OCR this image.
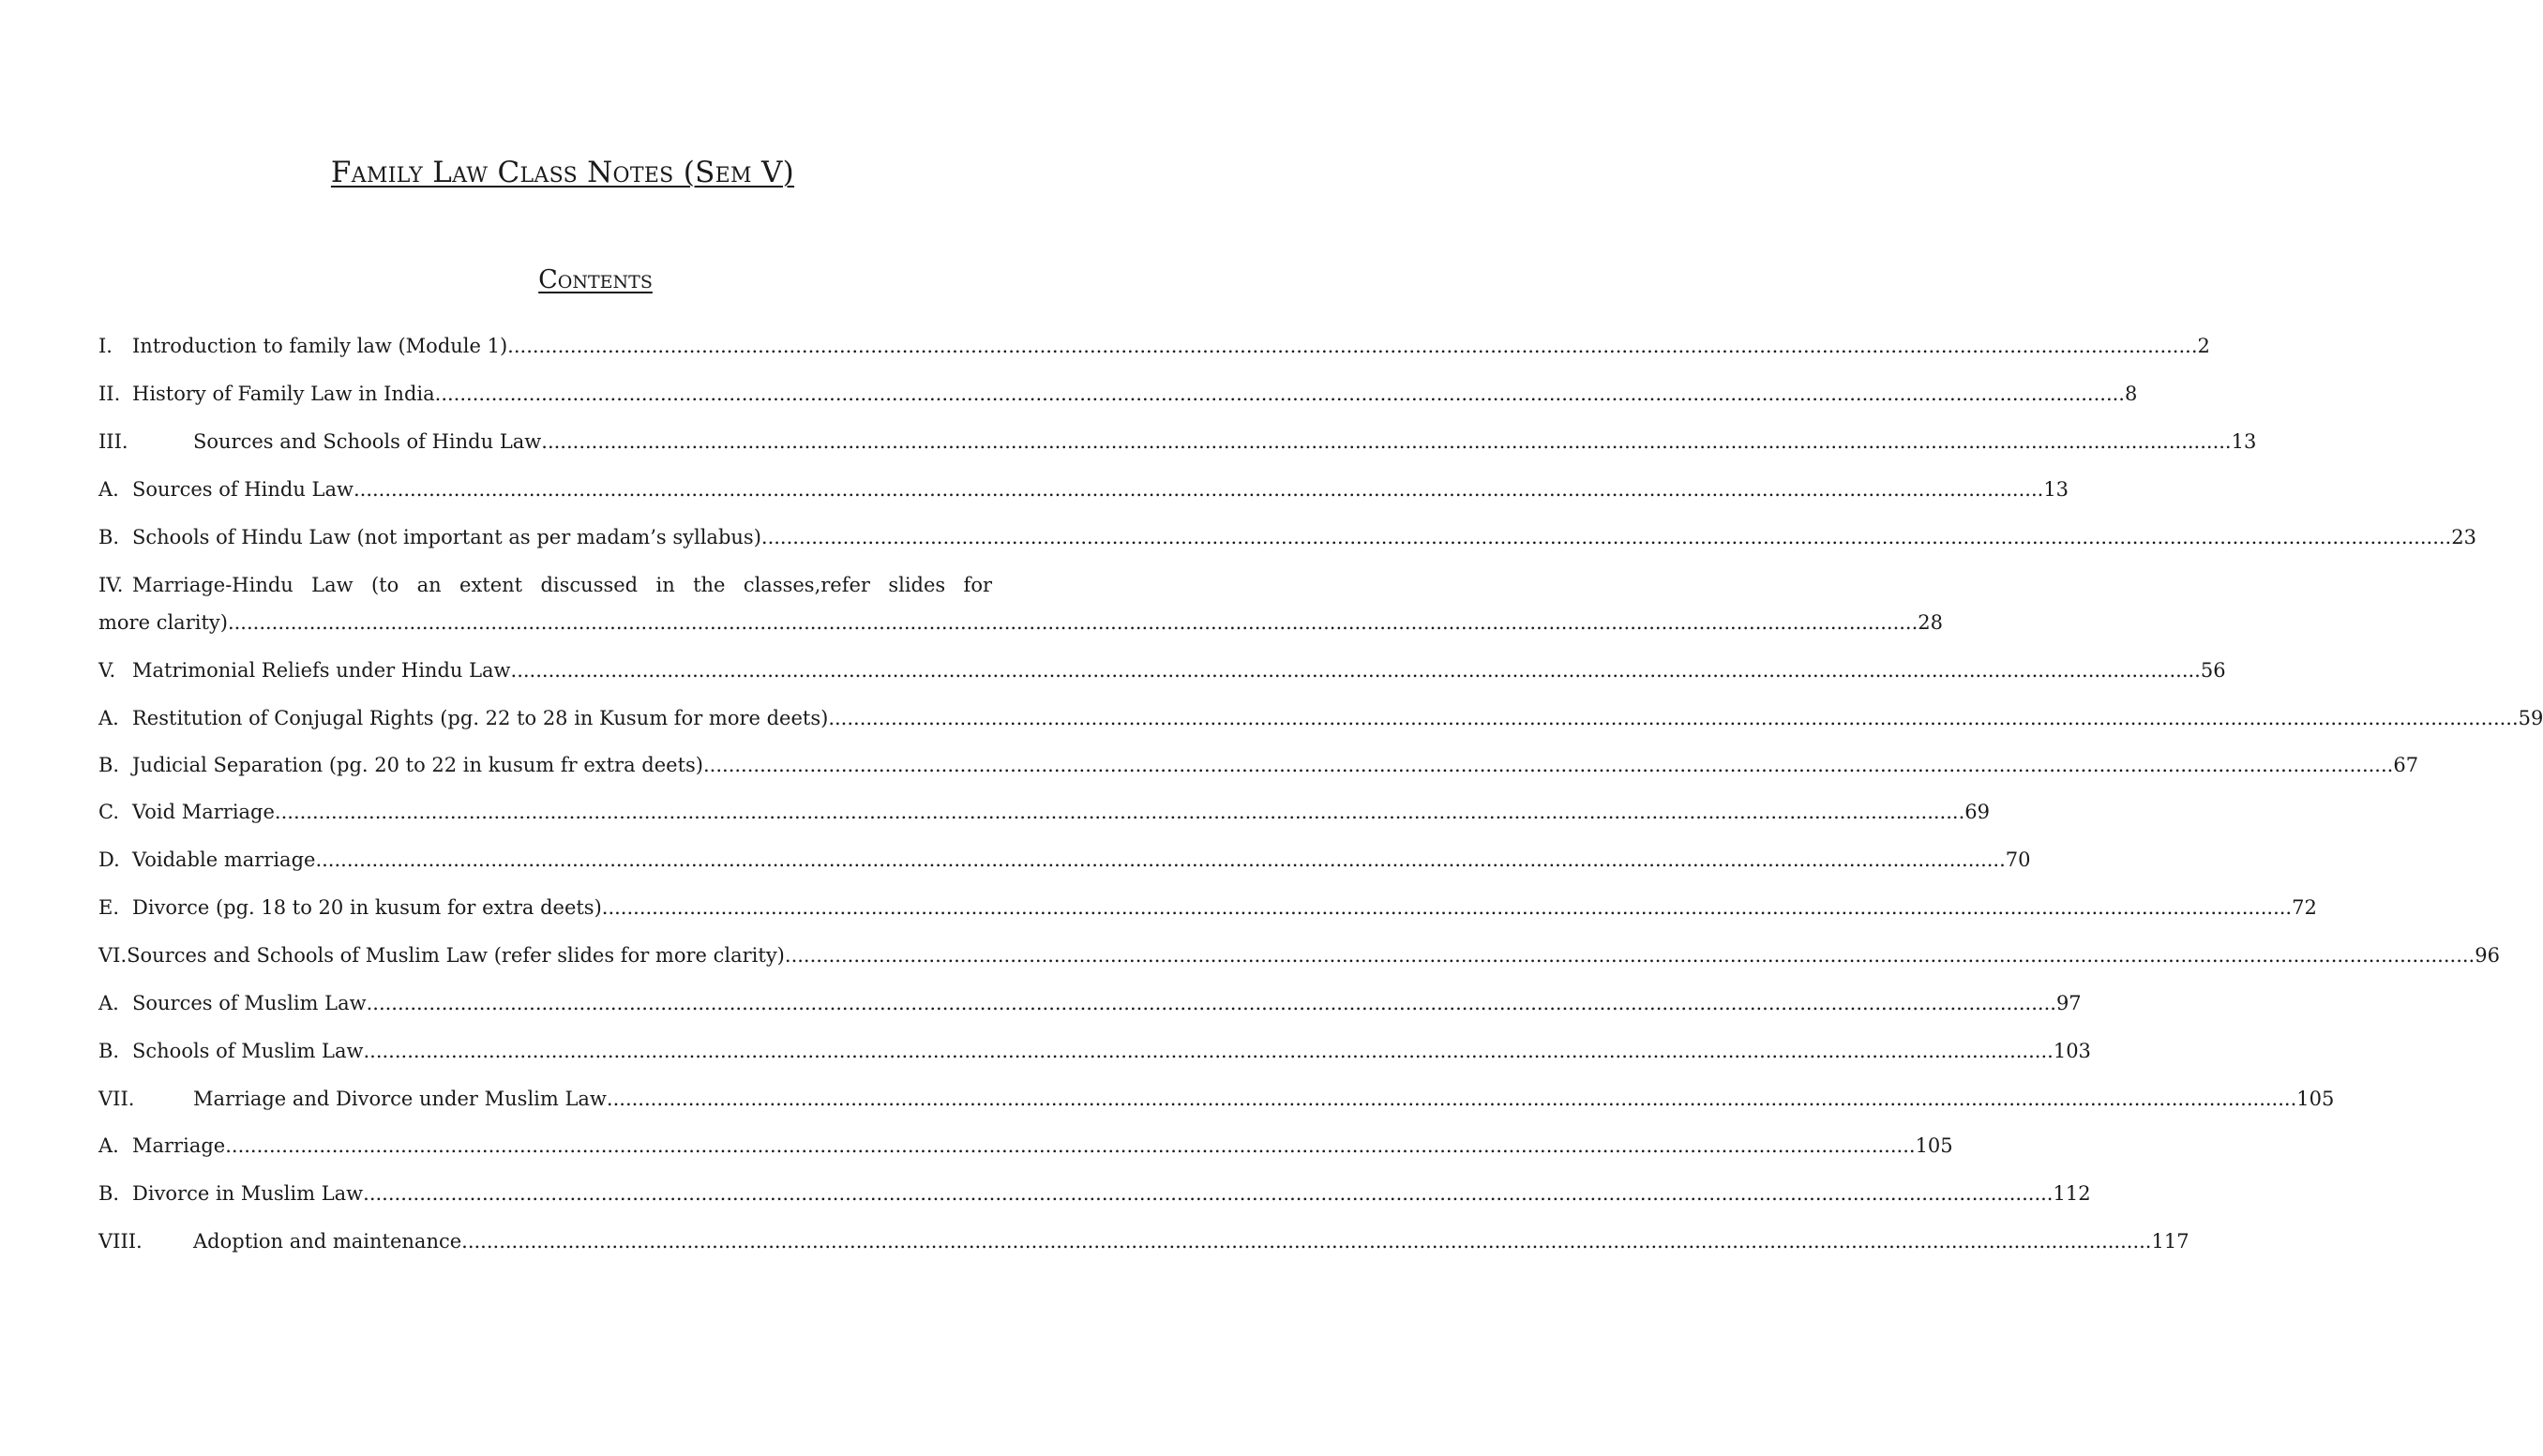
Family Law Class Notes (Sem V)
Contents
I.	Introduction to family law (Module 1) .....	2
II. History of Family Law in India .....	8
III.	Sources and Schools of Hindu Law .....	13
A. Sources of Hindu Law .....	13
B. Schools of Hindu Law (not important as per madam’s syllabus) .....	23
IV. Marriage-Hindu Law (to an extent discussed in the classes,refer slides for
more clarity) .....	28
V. Matrimonial Reliefs under Hindu Law .....	56
A. Restitution of Conjugal Rights (pg. 22 to 28 in Kusum for more deets) .....	59
B. Judicial Separation (pg. 20 to 22 in kusum fr extra deets) .....	67
C. Void Marriage .....	69
D. Voidable marriage .....	70
E. Divorce (pg. 18 to 20 in kusum for extra deets) .....	72
VI. Sources and Schools of Muslim Law (refer slides for more clarity) .....	96
A. Sources of Muslim Law .....	97
B. Schools of Muslim Law .....	103
VII.	Marriage and Divorce under Muslim Law .....	105
A. Marriage .....	105
B. Divorce in Muslim Law .....	112
VIII.	Adoption and maintenance .....	117
